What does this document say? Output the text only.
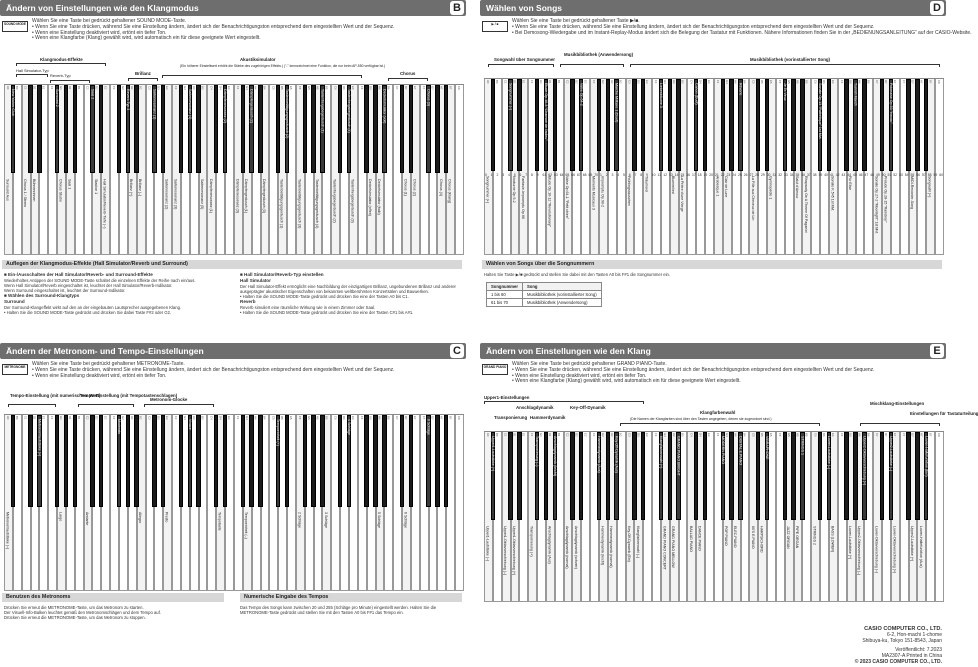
Ändern von Einstellungen wie den Klangmodus	B
SOUND MODE	Wählen Sie eine Taste bei gedrückt gehaltener SOUND MODE-Taste.
• Wenn Sie eine Taste drücken, während Sie eine Einstellung ändern, ändert sich der Benachrichtigungston entsprechend dem eingestellten Wert und der Sequenz.
• Wenn eine Einstellung deaktiviert wird, ertönt ein tiefer Ton.
• Wenn eine Klangfarbe (Klang) gewählt wird, wird automatisch ein für diese geeignete Wert eingestellt.
Klangmodus-Effekte
Hall Simulator-Typ
Reverb-Typ	Brillanz
Akustiksimulator
(Ein höherer Einstellwert erhöht die Stärke des zugehörigen Effekts.) ("-" kennzeichnet eine Funktion, die nur beim AP-550 verfügbar ist.)
Chorus
A0 B0 C1 D1 E1 F1 G1 A1 B1 C2 D2 E2 F2 G2 A2 B2 C3 D3 E3 F3 G3 A3 B3 C4 D4 E4 F4 G4 A4 B4 C5 D5 E5 F5 G5 A5 B5 C6 D6 E6 F6 G6 A6 B6 C7 D7 E7 F7 G7 A7 B7 C8
Surround Aus
New Yorker Club
Chorus 1 / Stereo Bühnenrinnen
Surround 2
Chorus Studio Saal 1
Saal 2
Stadion 1 Hall Simulator/Reverb-Tiefe (–)
Reverb Typ 3
Brillanz (+) Brillanz (–)
Saitenresonanz (1)
Saitenresonanz (2) Saitenresonanz (3)
Saitenresonanz (4)
Saitenresonanz (5) Dämpferresonanz (1)
Dämpferresonanz (2)
Dämpferresonanz (3) Dämpfergeräusch (1)
Dämpfergeräusch (2)
Dämpfergeräusch (3)	Tastenbetätigungsgeräusch (1)
Tastenbetätigungsgeräusch (2)
Tastenbetätigungsgeräusch (3)	Tastenbetätigungsgeräusch (4)
Tastenfreigabegeräusch (1)
Tastenfreigabegeräusch (2)	Tastenfreigabegeräusch (3)
Tastenfreigabegeräusch (4)
Deckelsimulator (offen) Deckelsimulator (halb)
Deckelsimulator (voll)
Chorus (1) Chorus (2)
Chorus (3)
Chorus (4) Chorus (Klang)
Auflegen der Klangmodus-Effekte (Hall Simulator/Reverb und Surround)
■ Ein-/Ausschalten der Hall Simulator/Reverb- und Surround-Effekte
Wiederholtes Antippen der SOUND MODE-Taste schaltet die einzelnen Effekte der Reihe nach ein/aus.
Wenn Hall Simulator/Reverb eingeschaltet ist, leuchtet der Hall Simulator/Reverb-Indikator.
Wenn Surround eingeschaltet ist, leuchtet der Surround-Indikator.
■ Wählen des Surround-Klangtyps
Surround
Der Surround-Klangeffekt wirkt auf den an der eingebauten Lautsprecher ausgegebenen Klang.
• Halten Sie die SOUND MODE-Taste gedrückt und drücken Sie dabei Taste F#2 oder G2.
■ Hall Simulator/Reverb-Typ einstellen
Hall Simulator
Der Hall Simulator-Effekt ermöglicht eine Nachbildung der einzigartigen Brillanz, ungebundenen Brillanz und anderer ausgeprägter akustischer Eigenschaften von bekannten weltberühmten Konzertsälen und Bauwerken.
• Halten Sie die SOUND MODE-Taste gedrückt und drücken Sie eine der Tasten A0 bis C1.
Reverb
Reverb simuliert eine räumliche Wirkung wie in einem Zimmer oder Saal.
• Halten Sie die SOUND MODE-Taste gedrückt und drücken Sie eine der Tasten C#1 bis A#1.
Wählen von Songs	D
▶ / ■	Wählen Sie eine Taste bei gedrückt gehaltener Taste ▶/■.
• Wenn Sie eine Taste drücken, während Sie eine Einstellung ändern, ändert sich der Benachrichtigungston entsprechend dem eingestellten Wert und der Sequenz.
• Bei Demosong-Wiedergabe und im Instant-Replay-Modus ändert sich die Belegung der Tastatur mit Funktionen. Nähere Informationen finden Sie in der „BEDIENUNGSANLEITUNG“ auf der CASIO-Website.
Songwahl über Songnummer
Musikbibliothek (Anwendersong)
Musikbibliothek (vorinstallierter Song)
A0 B0 C1 D1 E1 F1 G1 A1 B1 C2 D2 E2 F2 G2 A2 B2 C3 D3 E3 F3 G3 A3 B3 C4 D4 E4 F4 G4 A4 B4 C5 D5 E5 F5 G5 A5 B5 C6 D6 E6 F6 G6 A6 B6 C7 D7 E7 F7 G7 A7 B7 C8
Songnummer (+)
Songnummer (–)
Nocturne Op.9-2 Fantasie-Impromptu Op.66
Etude Op.10-3 "Chanson de l'adieu"
Etude Op.10-12 "Revolutionary"	Valse Op.64-1 "Petit chien"
Valse Op.64-2
Moments Musicaux 3 Impromptu Op.90-2
Marche Militaire 1 (Duet)
Frühlingsrauschen	Träumerei
Liebesträume 3
Blumenlied La Prière d'une Vierge
Canon (Duet)
Arabesque 1 Clair de Lune
Rêverie
La Fille aux Cheveux de Lin	Gymnopédie 1
Je Te Veux
Salut d'Amour Rhapsody On A Theme Of Paganini
Sonate Op.13 "Pathétique" 1st Mvt.
Sonate K.545 1st Mvt.	Für Elise
Turkish March
Sonate Op.27-2 "Moonlight" 1st Mvt. Prelude Op.28-15 "Raindrop"
Polonaise Op.53 "Heroic"
MIDI-Recorder-Song	Songwahl (+)
0 1 2 3 4 5 6 7 8 9 61 62 63 64 65 66 67 68 69 70 1 2 3 4 5 6 7 8 9 10 11 12 13 14 15 16 17 18 19 20 21 22 23 24 25 26 27 28 29 30 31 32 33 34 35 36 37 38 39 40 41 42 43 44 45 46 47 48 49 50 51 52 53 54 55 56 57 58 59 60
Wählen von Songs über die Songnummern
Halten Sie Taste ▶/■ gedrückt und stellen Sie dabei mit den Tasten A0 bis F#1 die Songnummer ein.
Songnummer	Song
1 bis 60	Musikbibliothek (vorinstallierter Song)
61 bis 70	Musikbibliothek (Anwendersong)
Ändern der Metronom- und Tempo-Einstellungen	C
METRONOME	Wählen Sie eine Taste bei gedrückt gehaltener METRONOME-Taste.
• Wenn Sie eine Taste drücken, während Sie eine Einstellung ändern, ändert sich der Benachrichtigungston entsprechend dem eingestellten Wert und der Sequenz.
• Wenn eine Einstellung deaktiviert wird, ertönt ein tiefer Ton.
Tempo-Einstellung (mit numerischem Wert)
Tempo-Einstellung (mit Tempotastenschlagen)
Metronom-Glocke
A0 B0 C1 D1 E1 F1 G1 A1 B1 C2 D2 E2 F2 G2 A2 B2 C3 D3 E3 F3 G3 A3 B3 C4 D4 E4 F4 G4 A4 B4 C5 D5 E5 F5 G5 A5 B5 C6 D6 E6 F6 G6 A6 B6 C7 D7 E7 F7 G7 A7 B7 C8
Metronomlautstärke (–)
Metronomlautstärke (+)
Largo	Andante
Moderato
Allegro	Presto
Vivace
Tempotaste	Tempoeinheit (–)
Tempoeinheit (+)
2 Schläge	3 Schläge
4 Schläge
5 Schläge	6 Schläge
0 Schläge
Benutzen des Metronoms	Numerische Eingabe des Tempos
Drücken Sie erneut die METRONOME-Taste, um das Metronom zu starten.
Der Visuell-Info-Balken leuchtet gemäß den Metronomschlägen und dem Tempo auf.
Drücken Sie erneut die METRONOME-Taste, um das Metronom zu stoppen.
Das Tempo des Songs kann zwischen 20 und 255 (Schläge pro Minute) eingestellt werden. Halten Sie die METRONOME-Taste gedrückt und stellen Sie mit den Tasten A0 bis F#1 das Tempo ein.
Ändern von Einstellungen wie den Klang	E
GRAND PIANO	Wählen Sie eine Taste bei gedrückt gehaltener GRAND PIANO-Taste.
• Wenn Sie eine Taste drücken, während Sie eine Einstellung ändern, ändert sich der Benachrichtigungston entsprechend dem eingestellten Wert und der Sequenz.
• Wenn eine Einstellung deaktiviert wird, ertönt ein tiefer Ton.
• Wenn eine Klangfarbe (Klang) gewählt wird, wird automatisch ein für diese geeignete Wert eingestellt.
Upper1-Einstellungen
Anschlagdynamik	Key-Off-Dynamik
Transponierung Hammerdynamik
Klangfarbenwahl
(Die Namen der Klangfarben sind über den Tasten angegeben, denen sie zugeordnet sind.)
Mischklang-Einstellungen
Einstellungen für Tastaturteilung
A0 B0 C1 D1 E1 F1 G1 A1 B1 C2 D2 E2 F2 G2 A2 B2 C3 D3 E3 F3 G3 A3 B3 C4 D4 E4 F4 G4 A4 B4 C5 D5 E5 F5 G5 A5 B5 C6 D6 E6 F6 G6 A6 B6 C7 D7 E7 F7 G7 A7 B7 C8
Upper1-Lautstärke (–)
Upper1-Lautstärke (+)
Upper1-Oktavverschiebung (–) Upper1-Oktavverschiebung (+)
Transponierung (–)
Transponierung (+)	Anschlagdynamik (Aus)
Anschlagdynamik (leicht)
Anschlagdynamik (normal) Anschlagdynamik (schwer)
Hammerdynamik (Aus)
Hammerdynamik (leicht) Hammerdynamik (normal)
Key-Off-Dynamik (Aus)
Key-Off-Dynamik (Ein) Klangfarbenwahl (–)
Klangfarbenwahl (+)
GRAND PIANO CONCERT GRAND PIANO MELLOW
GRAND PIANO BRIGHT
BALLAD PIANO DANCE PIANO
MODERN PIANO
POP PIANO ELEC.PIANO
DIGITAL E.PIANO
60'S E.PIANO HARPSICHORD
VIBRAPHONE
JAZZ ORGAN PIPE ORGAN
STRINGS 1
STRINGS 2	BASS (LOWER)
Lower-Lautstärke (–)
Lower-Lautstärke (+) Upper2-Oktavverschiebung (–)
Upper2-Oktavverschiebung (+)
Lower-Oktavverschiebung (–)	Lower-Oktavverschiebung (+)
Upper2-Lautstärke (–)
Upper2-Lautstärke (+) Lower-Haltefunktion (Aus)
Lower-Haltefunktion (Ein)
CASIO COMPUTER CO., LTD.
6-2, Hon-machi 1-chome
Shibuya-ku, Tokyo 151-8543, Japan
Veröffentlicht: 7.2023
MA2307-A Printed in China
© 2023 CASIO COMPUTER CO., LTD.
